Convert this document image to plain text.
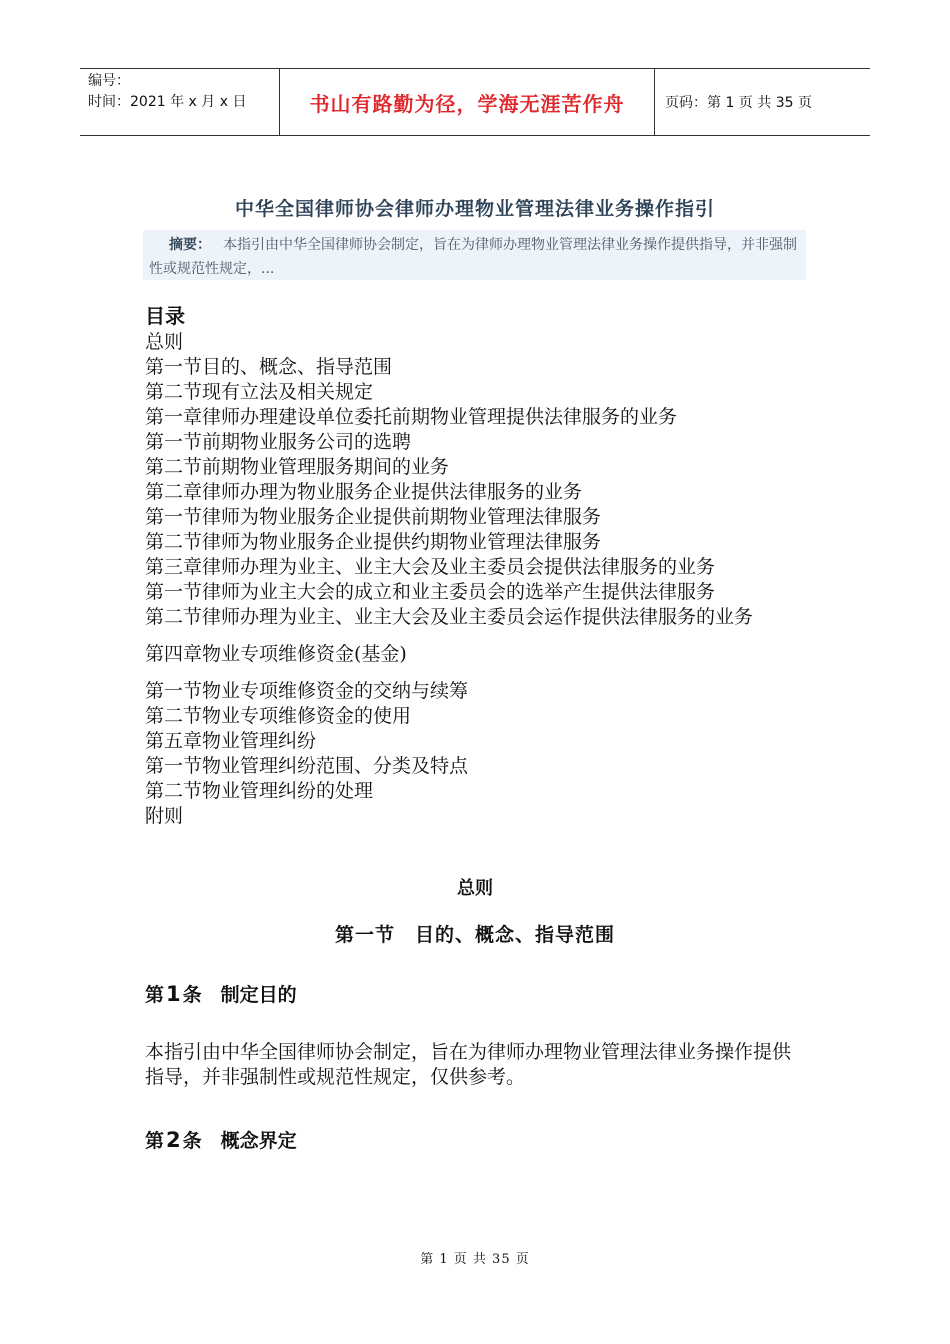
编号：
时间：2021 年 x 月 x 日	书山有路勤为径，学海无涯苦作舟	页码：第 1 页 共 35 页
中华全国律师协会律师办理物业管理法律业务操作指引
摘要： 本指引由中华全国律师协会制定，旨在为律师办理物业管理法律业务操作提供指导，并非强制性或规范性规定，...
目录
总则
第一节目的、概念、指导范围
第二节现有立法及相关规定
第一章律师办理建设单位委托前期物业管理提供法律服务的业务
第一节前期物业服务公司的选聘
第二节前期物业管理服务期间的业务
第二章律师办理为物业服务企业提供法律服务的业务
第一节律师为物业服务企业提供前期物业管理法律服务
第二节律师为物业服务企业提供约期物业管理法律服务
第三章律师办理为业主、业主大会及业主委员会提供法律服务的业务
第一节律师为业主大会的成立和业主委员会的选举产生提供法律服务
第二节律师办理为业主、业主大会及业主委员会运作提供法律服务的业务
第四章物业专项维修资金(基金)
第一节物业专项维修资金的交纳与续筹
第二节物业专项维修资金的使用
第五章物业管理纠纷
第一节物业管理纠纷范围、分类及特点
第二节物业管理纠纷的处理
附则
总则
第一节　目的、概念、指导范围
第1 条　制定目的
本指引由中华全国律师协会制定，旨在为律师办理物业管理法律业务操作提供指导，并非强制性或规范性规定，仅供参考。
第2 条　概念界定
第 1 页 共 35 页
